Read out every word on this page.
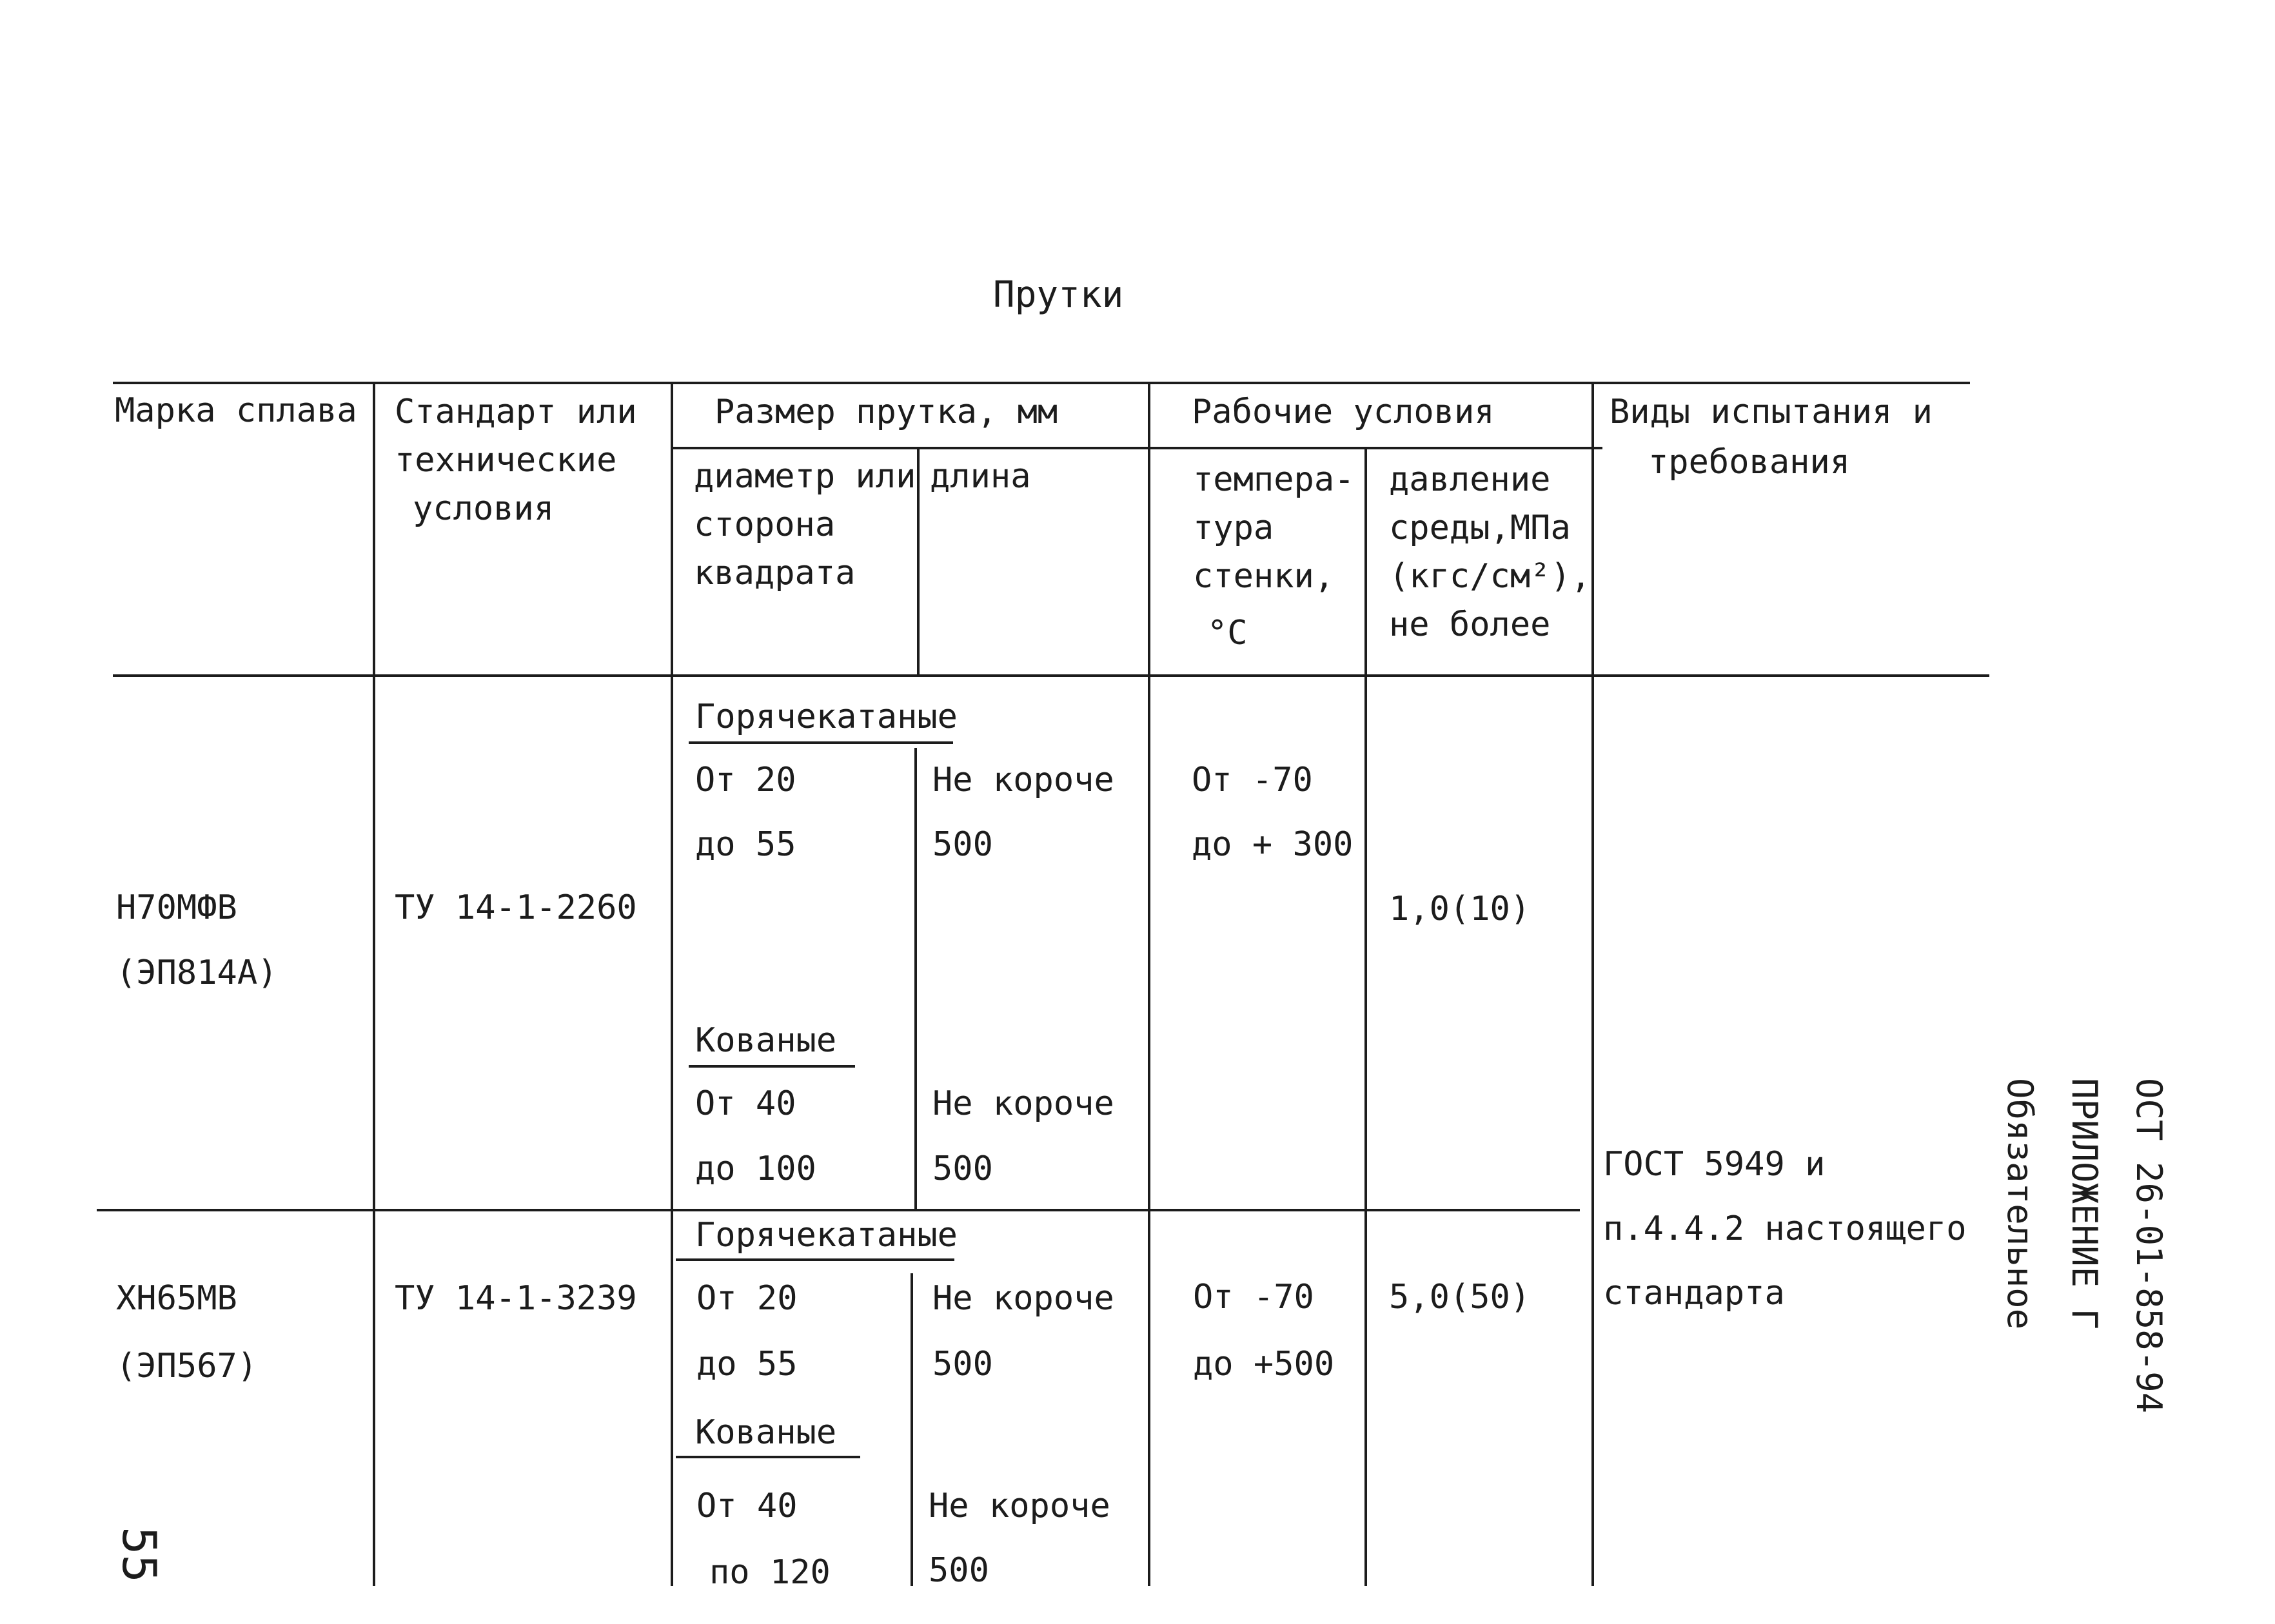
Прутки
Марка сплава Стандарт или
технические
условия
Размер прутка, мм
диаметр или
сторона
квадрата
длина
Рабочие условия
темпера-
тура
стенки,
°С
давление
среды,МПа
(кгс/см²),
не более
Виды испытания и
требования
Н70МФВ
(ЭП814А)
ТУ 14-1-2260
Горячекатаные
От 20
до 55
Не короче
500
Кованые
От 40
до 100
Не короче
500
От -70
до + 300
1,0(10)
ГОСТ 5949 и
п.4.4.2 настоящего
стандарта
ХН65МВ
(ЭП567)
ТУ 14-1-3239
Горячекатаные
От 20
до 55
Не короче
500
Кованые
От 40
по 120
Не короче
500
От -70
до +500
5,0(50)	ОСТ 26-01-858-94
ПРИЛОЖЕНИЕ Г
Обязательное
55
